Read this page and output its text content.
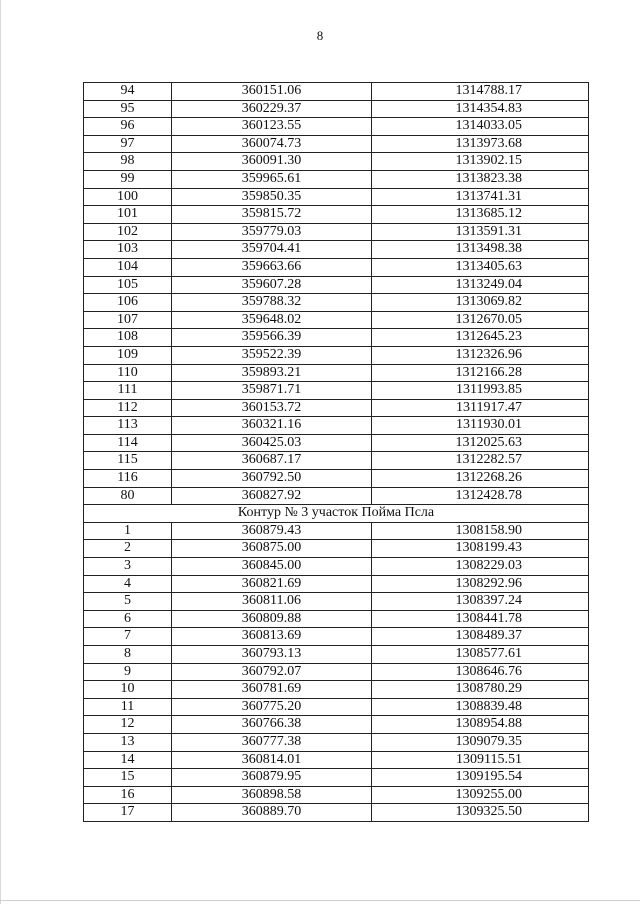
8
94	360151.06	1314788.17
95	360229.37	1314354.83
96	360123.55	1314033.05
97	360074.73	1313973.68
98	360091.30	1313902.15
99	359965.61	1313823.38
100	359850.35	1313741.31
101	359815.72	1313685.12
102	359779.03	1313591.31
103	359704.41	1313498.38
104	359663.66	1313405.63
105	359607.28	1313249.04
106	359788.32	1313069.82
107	359648.02	1312670.05
108	359566.39	1312645.23
109	359522.39	1312326.96
110	359893.21	1312166.28
111	359871.71	1311993.85
112	360153.72	1311917.47
113	360321.16	1311930.01
114	360425.03	1312025.63
115	360687.17	1312282.57
116	360792.50	1312268.26
80	360827.92	1312428.78
Контур № 3 участок Пойма Псла		
1	360879.43	1308158.90
2	360875.00	1308199.43
3	360845.00	1308229.03
4	360821.69	1308292.96
5	360811.06	1308397.24
6	360809.88	1308441.78
7	360813.69	1308489.37
8	360793.13	1308577.61
9	360792.07	1308646.76
10	360781.69	1308780.29
11	360775.20	1308839.48
12	360766.38	1308954.88
13	360777.38	1309079.35
14	360814.01	1309115.51
15	360879.95	1309195.54
16	360898.58	1309255.00
17	360889.70	1309325.50
